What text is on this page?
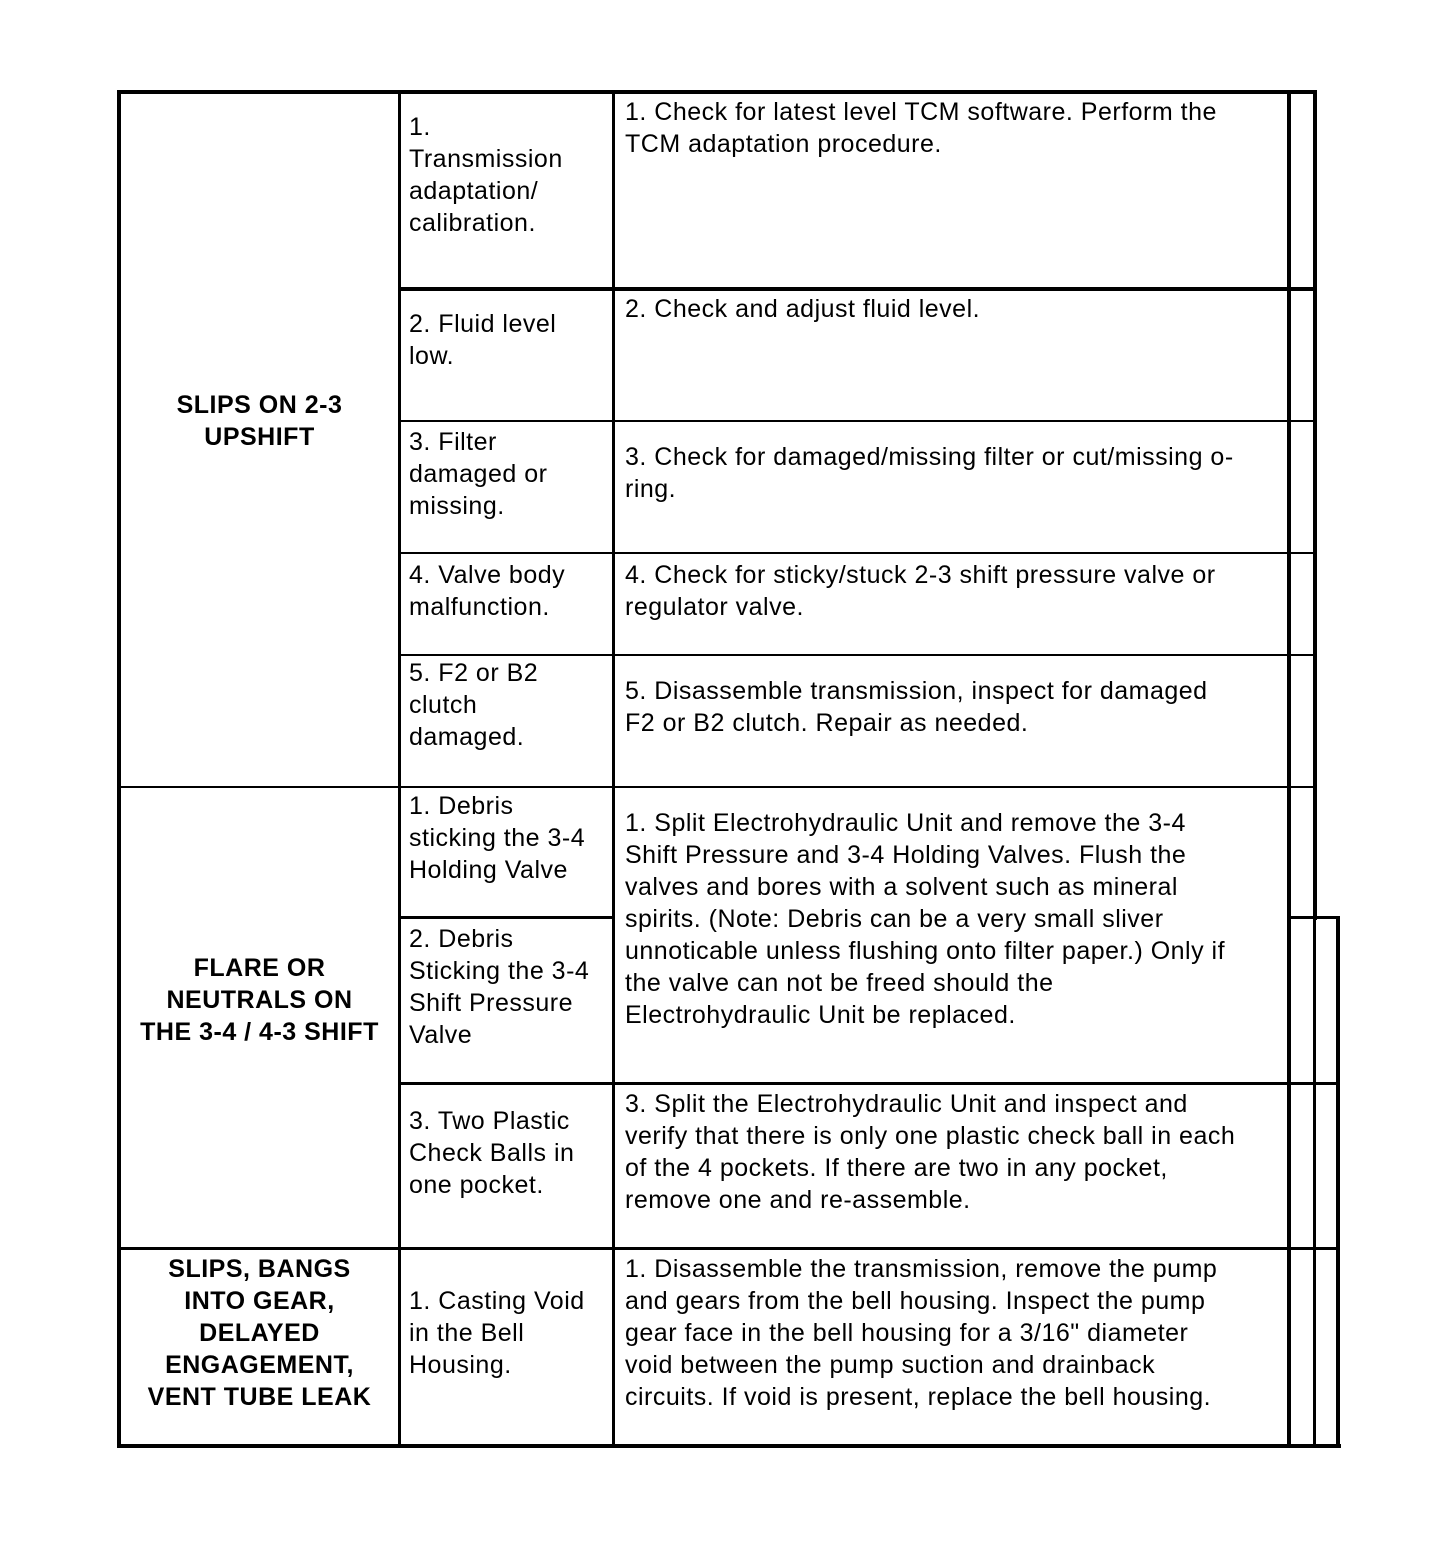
SLIPS ON 2-3
UPSHIFT
FLARE OR
NEUTRALS ON
THE 3-4 / 4-3 SHIFT
SLIPS, BANGS
INTO GEAR,
DELAYED
ENGAGEMENT,
VENT TUBE LEAK
1.
Transmission
adaptation/
calibration.
2. Fluid level
low.
3. Filter
damaged or
missing.
4. Valve body
malfunction.
5. F2 or B2
clutch
damaged.
1. Debris
sticking the 3-4
Holding Valve
2. Debris
Sticking the 3-4
Shift Pressure
Valve
3. Two Plastic
Check Balls in
one pocket.
1. Casting Void
in the Bell
Housing.
1. Check for latest level TCM software. Perform the
TCM adaptation procedure.
2. Check and adjust fluid level.
3. Check for damaged/missing filter or cut/missing o-
ring.
4. Check for sticky/stuck 2-3 shift pressure valve or
regulator valve.
5. Disassemble transmission, inspect for damaged
F2 or B2 clutch. Repair as needed.
1. Split Electrohydraulic Unit and remove the 3-4
Shift Pressure and 3-4 Holding Valves. Flush the
valves and bores with a solvent such as mineral
spirits. (Note: Debris can be a very small sliver
unnoticable unless flushing onto filter paper.) Only if
the valve can not be freed should the
Electrohydraulic Unit be replaced.
3. Split the Electrohydraulic Unit and inspect and
verify that there is only one plastic check ball in each
of the 4 pockets. If there are two in any pocket,
remove one and re-assemble.
1. Disassemble the transmission, remove the pump
and gears from the bell housing. Inspect the pump
gear face in the bell housing for a 3/16" diameter
void between the pump suction and drainback
circuits. If void is present, replace the bell housing.
